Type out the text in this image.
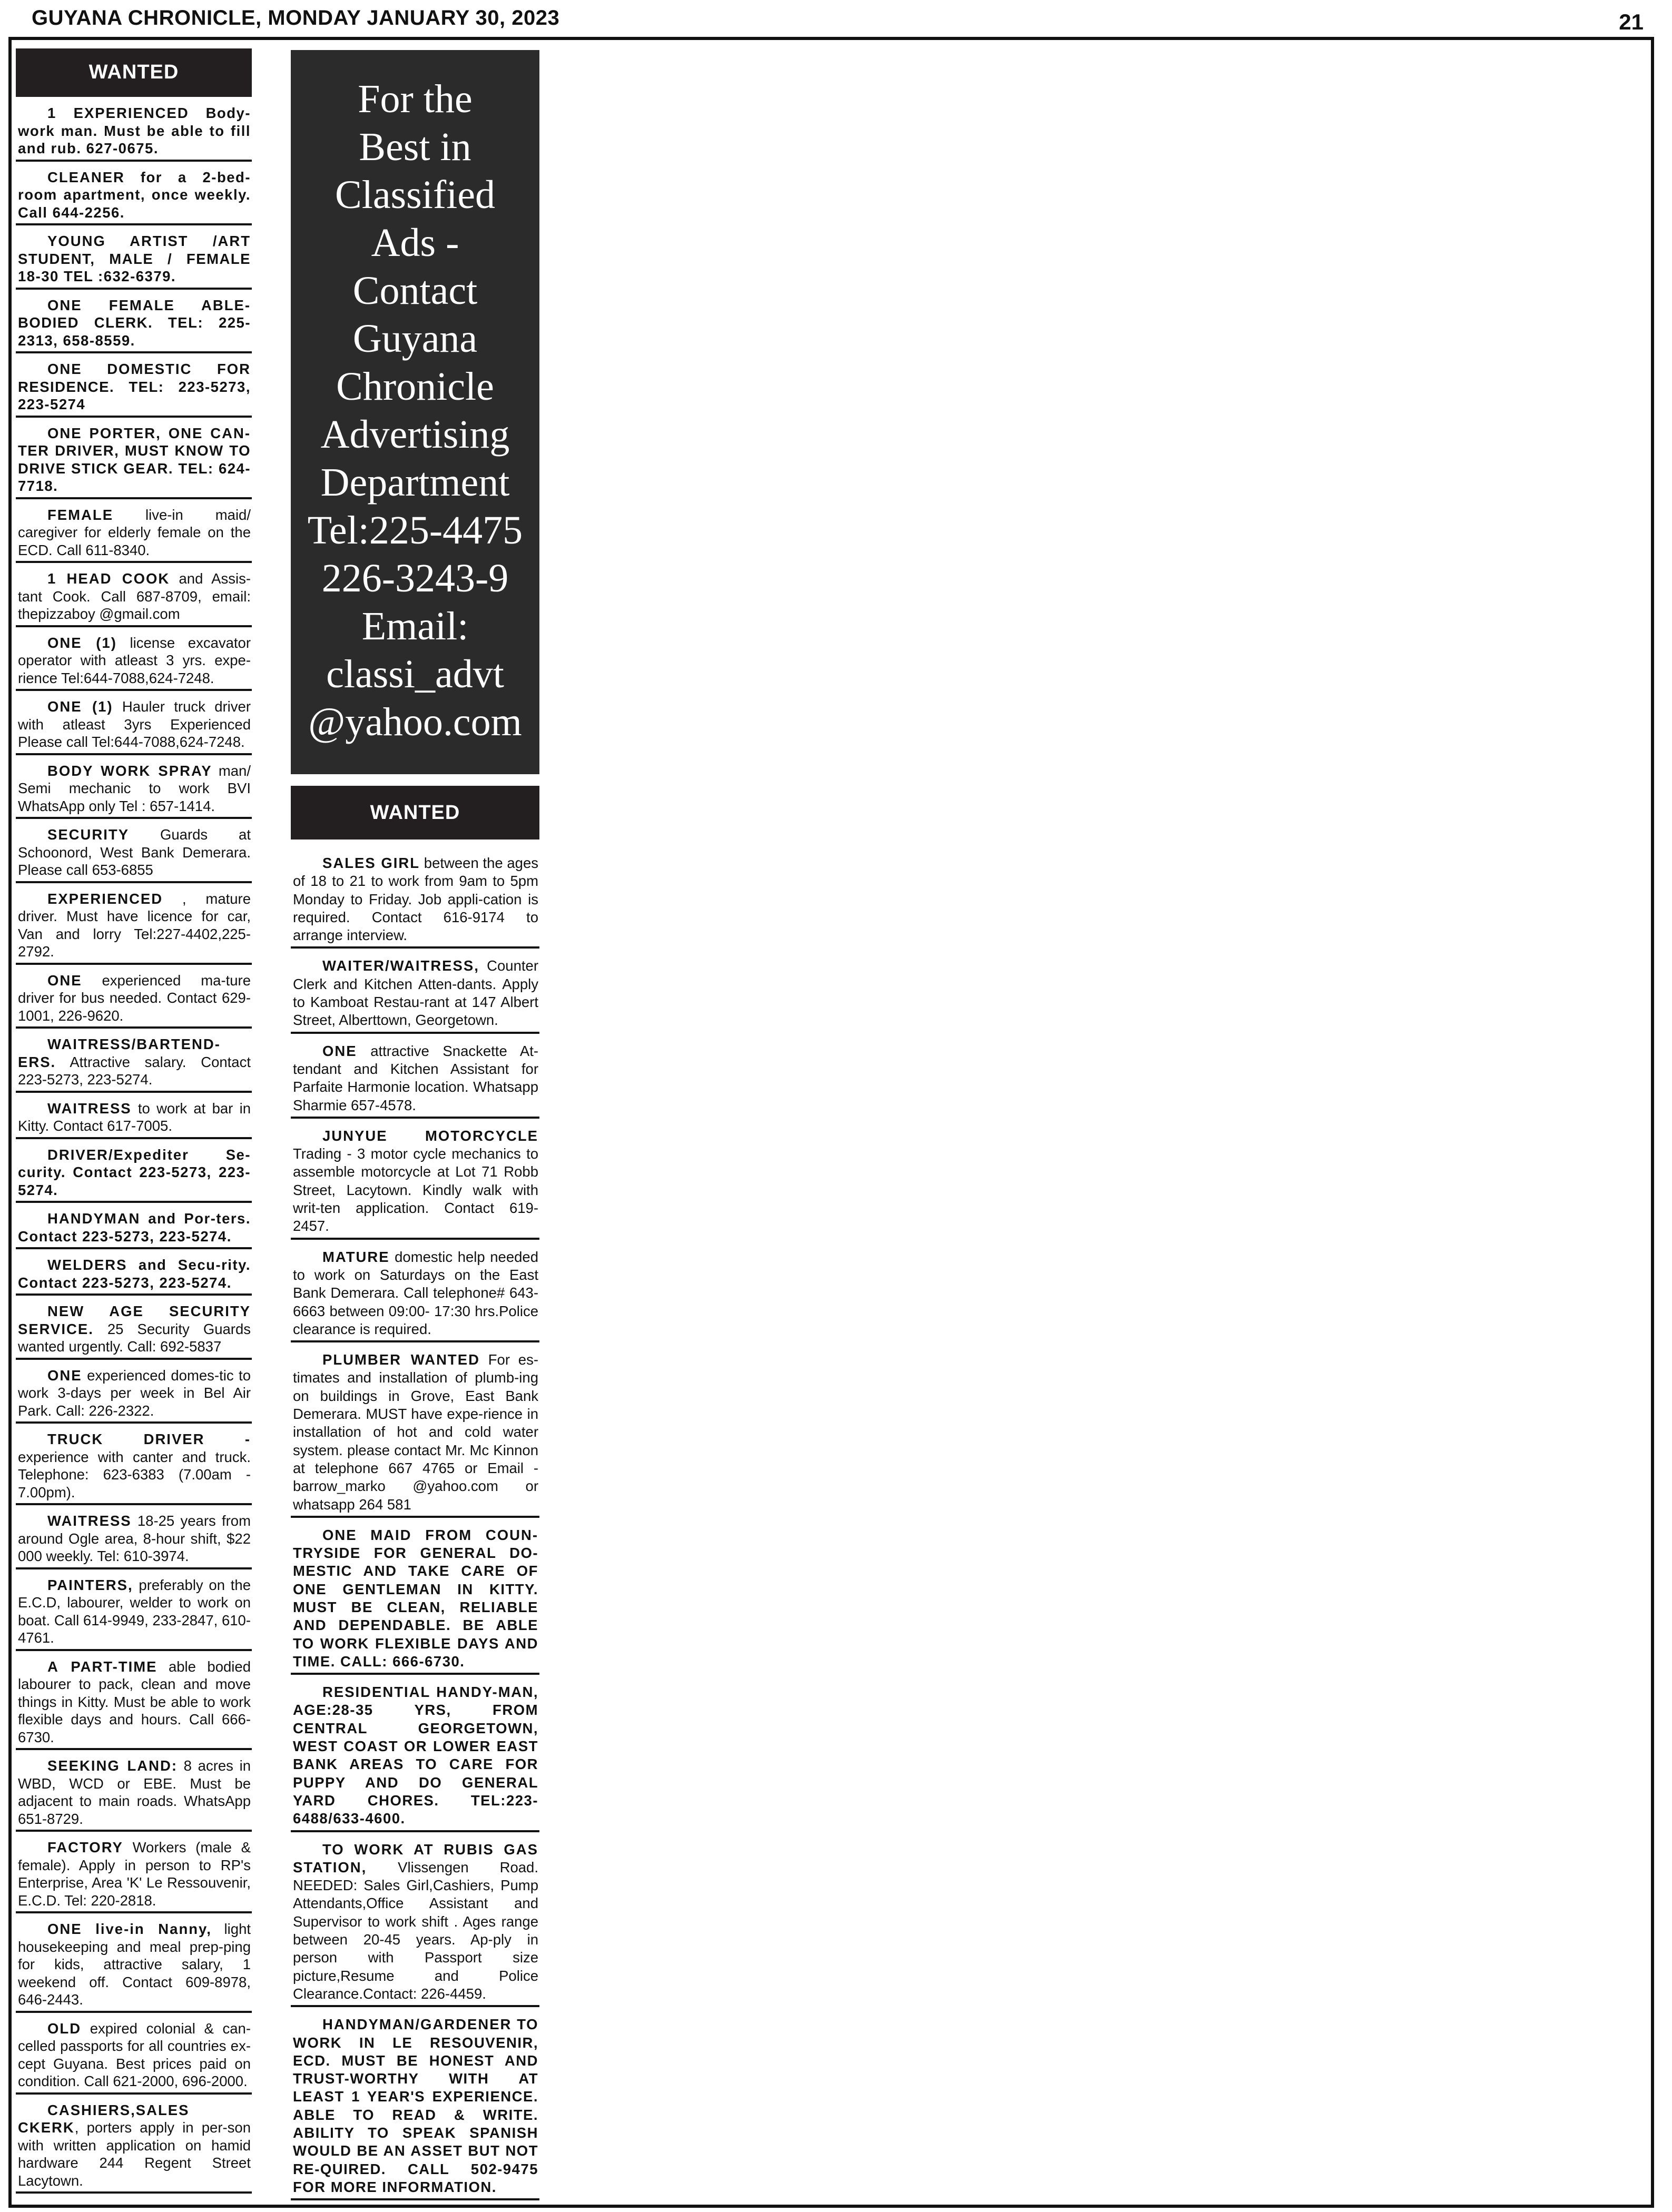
GUYANA CHRONICLE, MONDAY JANUARY 30, 2023	21
WANTED
1 EXPERIENCED Body-work man. Must be able to fill and rub. 627-0675.
CLEANER for a 2-bed-room apartment, once weekly. Call 644-2256.
YOUNG ARTIST /ART STUDENT, MALE / FEMALE 18-30 TEL :632-6379.
ONE FEMALE ABLE-BODIED CLERK. TEL: 225-2313, 658-8559.
ONE DOMESTIC FOR RESIDENCE. TEL: 223-5273, 223-5274
ONE PORTER, ONE CAN-TER DRIVER, MUST KNOW TO DRIVE STICK GEAR. TEL: 624-7718.
FEMALE live-in maid/ caregiver for elderly female on the ECD. Call 611-8340.
1 HEAD COOK and Assis-tant Cook. Call 687-8709, email: thepizzaboy @gmail.com
ONE (1) license excavator operator with atleast 3 yrs. expe-rience Tel:644-7088,624-7248.
ONE (1) Hauler truck driver with atleast 3yrs Experienced Please call Tel:644-7088,624-7248.
BODY WORK SPRAY man/ Semi mechanic to work BVI WhatsApp only Tel : 657-1414.
SECURITY Guards at Schoonord, West Bank Demerara. Please call 653-6855
EXPERIENCED , mature driver. Must have licence for car, Van and lorry Tel:227-4402,225-2792.
ONE experienced ma-ture driver for bus needed. Contact 629-1001, 226-9620.
WAITRESS/BARTEND-ERS. Attractive salary. Contact 223-5273, 223-5274.
WAITRESS to work at bar in Kitty. Contact 617-7005.
DRIVER/Expediter Se-curity. Contact 223-5273, 223-5274.
HANDYMAN and Por-ters. Contact 223-5273, 223-5274.
WELDERS and Secu-rity. Contact 223-5273, 223-5274.
NEW AGE SECURITY SERVICE. 25 Security Guards wanted urgently. Call: 692-5837
ONE experienced domes-tic to work 3-days per week in Bel Air Park. Call: 226-2322.
TRUCK DRIVER - experience with canter and truck. Telephone: 623-6383 (7.00am - 7.00pm).
WAITRESS 18-25 years from around Ogle area, 8-hour shift, $22 000 weekly. Tel: 610-3974.
PAINTERS, preferably on the E.C.D, labourer, welder to work on boat. Call 614-9949, 233-2847, 610-4761.
A PART-TIME able bodied labourer to pack, clean and move things in Kitty. Must be able to work flexible days and hours. Call 666-6730.
SEEKING LAND: 8 acres in WBD, WCD or EBE. Must be adjacent to main roads. WhatsApp 651-8729.
FACTORY Workers (male & female). Apply in person to RP's Enterprise, Area 'K' Le Ressouvenir, E.C.D. Tel: 220-2818.
ONE live-in Nanny, light housekeeping and meal prep-ping for kids, attractive salary, 1 weekend off. Contact 609-8978, 646-2443.
OLD expired colonial & can-celled passports for all countries ex-cept Guyana. Best prices paid on condition. Call 621-2000, 696-2000.
CASHIERS,SALES CKERK, porters apply in per-son with written application on hamid hardware 244 Regent Street Lacytown.
For the
Best in
Classified
Ads -
Contact
Guyana
Chronicle
Advertising
Department
Tel:225-4475
226-3243-9
Email:
classi_advt
@yahoo.com
WANTED
SALES GIRL between the ages of 18 to 21 to work from 9am to 5pm Monday to Friday. Job appli-cation is required. Contact 616-9174 to arrange interview.
WAITER/WAITRESS, Counter Clerk and Kitchen Atten-dants. Apply to Kamboat Restau-rant at 147 Albert Street, Alberttown, Georgetown.
ONE attractive Snackette At-tendant and Kitchen Assistant for Parfaite Harmonie location. Whatsapp Sharmie 657-4578.
JUNYUE MOTORCYCLE Trading - 3 motor cycle mechanics to assemble motorcycle at Lot 71 Robb Street, Lacytown. Kindly walk with writ-ten application. Contact 619-2457.
MATURE domestic help needed to work on Saturdays on the East Bank Demerara. Call telephone# 643-6663 between 09:00- 17:30 hrs.Police clearance is required.
PLUMBER WANTED For es-timates and installation of plumb-ing on buildings in Grove, East Bank Demerara. MUST have expe-rience in installation of hot and cold water system. please contact Mr. Mc Kinnon at telephone 667 4765 or Email - barrow_marko @yahoo.com or whatsapp 264 581
ONE MAID FROM COUN-TRYSIDE FOR GENERAL DO-MESTIC AND TAKE CARE OF ONE GENTLEMAN IN KITTY. MUST BE CLEAN, RELIABLE AND DEPENDABLE. BE ABLE TO WORK FLEXIBLE DAYS AND TIME. CALL: 666-6730.
RESIDENTIAL HANDY-MAN, AGE:28-35 YRS, FROM CENTRAL GEORGETOWN, WEST COAST OR LOWER EAST BANK AREAS TO CARE FOR PUPPY AND DO GENERAL YARD CHORES. TEL:223-6488/633-4600.
TO WORK AT RUBIS GAS STATION, Vlissengen Road. NEEDED: Sales Girl,Cashiers, Pump Attendants,Office Assistant and Supervisor to work shift . Ages range between 20-45 years. Ap-ply in person with Passport size picture,Resume and Police Clearance.Contact: 226-4459.
HANDYMAN/GARDENER TO WORK IN LE RESOUVENIR, ECD. MUST BE HONEST AND TRUST-WORTHY WITH AT LEAST 1 YEAR'S EXPERIENCE. ABLE TO READ & WRITE. ABILITY TO SPEAK SPANISH WOULD BE AN ASSET BUT NOT RE-QUIRED. CALL 502-9475 FOR MORE INFORMATION.
